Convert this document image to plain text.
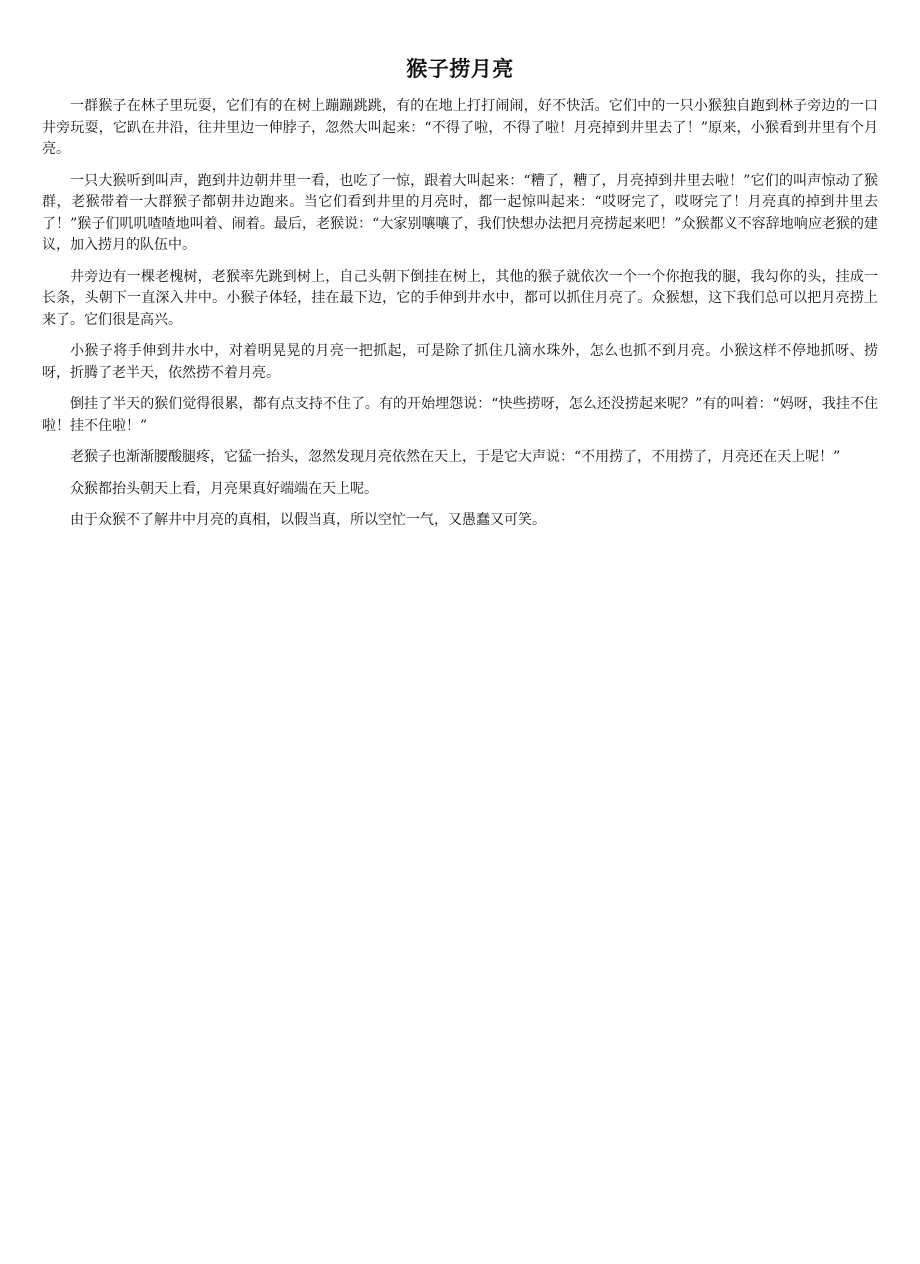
猴子捞月亮

一群猴子在林子里玩耍，它们有的在树上蹦蹦跳跳，有的在地上打打闹闹，好不快活。它们中的一只小猴独自跑到林子旁边的一口井旁玩耍，它趴在井沿，往井里边一伸脖子，忽然大叫起来：“不得了啦，不得了啦！月亮掉到井里去了！”原来，小猴看到井里有个月亮。

一只大猴听到叫声，跑到井边朝井里一看，也吃了一惊，跟着大叫起来：“糟了，糟了，月亮掉到井里去啦！”它们的叫声惊动了猴群，老猴带着一大群猴子都朝井边跑来。当它们看到井里的月亮时，都一起惊叫起来：“哎呀完了，哎呀完了！月亮真的掉到井里去了！”猴子们叽叽喳喳地叫着、闹着。最后，老猴说：“大家别嚷嚷了，我们快想办法把月亮捞起来吧！”众猴都义不容辞地响应老猴的建议，加入捞月的队伍中。

井旁边有一棵老槐树，老猴率先跳到树上，自己头朝下倒挂在树上，其他的猴子就依次一个一个你抱我的腿，我勾你的头，挂成一长条，头朝下一直深入井中。小猴子体轻，挂在最下边，它的手伸到井水中，都可以抓住月亮了。众猴想，这下我们总可以把月亮捞上来了。它们很是高兴。

小猴子将手伸到井水中，对着明晃晃的月亮一把抓起，可是除了抓住几滴水珠外，怎么也抓不到月亮。小猴这样不停地抓呀、捞呀，折腾了老半天，依然捞不着月亮。

倒挂了半天的猴们觉得很累，都有点支持不住了。有的开始埋怨说：“快些捞呀，怎么还没捞起来呢？”有的叫着：“妈呀，我挂不住啦！挂不住啦！”

老猴子也渐渐腰酸腿疼，它猛一抬头，忽然发现月亮依然在天上，于是它大声说：“不用捞了，不用捞了，月亮还在天上呢！”

众猴都抬头朝天上看，月亮果真好端端在天上呢。

由于众猴不了解井中月亮的真相，以假当真，所以空忙一气，又愚蠢又可笑。
